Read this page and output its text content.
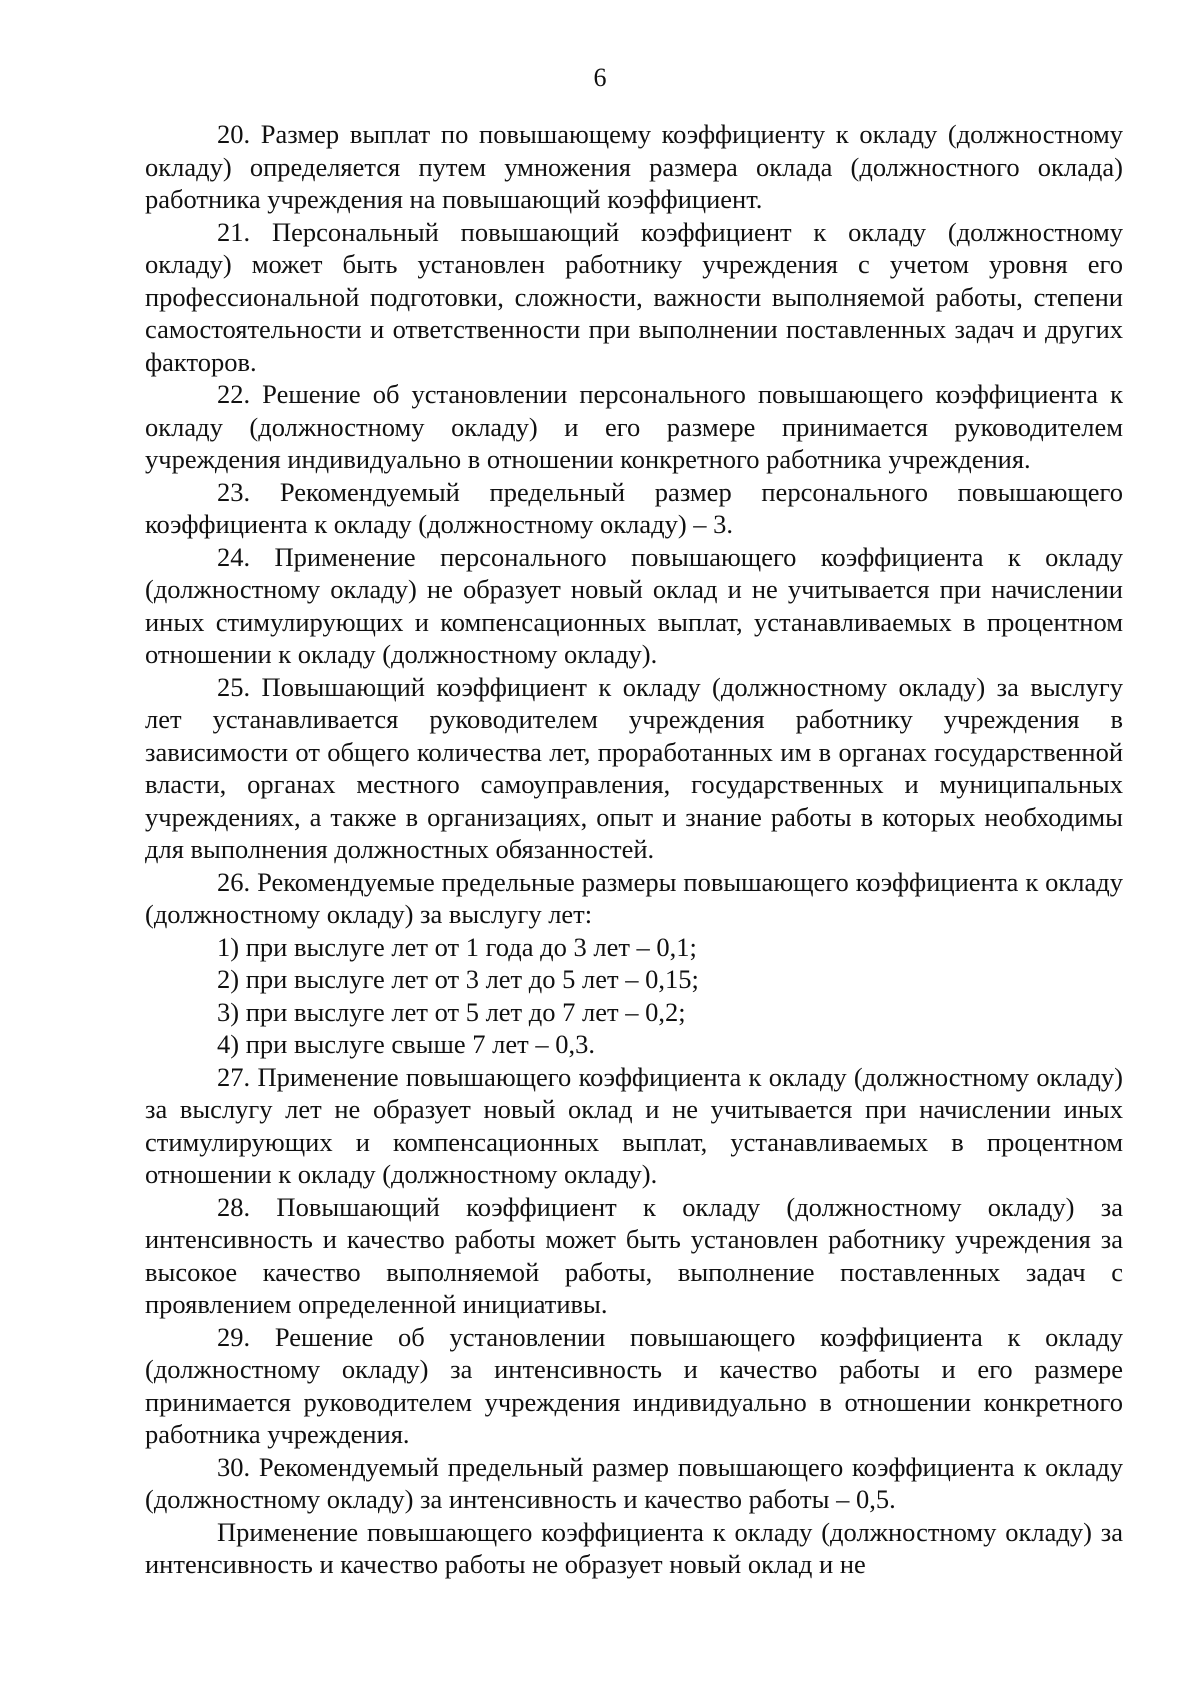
6

20. Размер выплат по повышающему коэффициенту к окладу (должностному окладу) определяется путем умножения размера оклада (должностного оклада) работника учреждения на повышающий коэффициент.

21. Персональный повышающий коэффициент к окладу (должностному окладу) может быть установлен работнику учреждения с учетом уровня его профессиональной подготовки, сложности, важности выполняемой работы, степени самостоятельности и ответственности при выполнении поставленных задач и других факторов.

22. Решение об установлении персонального повышающего коэффициента к окладу (должностному окладу) и его размере принимается руководителем учреждения индивидуально в отношении конкретного работника учреждения.

23. Рекомендуемый предельный размер персонального повышающего коэффициента к окладу (должностному окладу) – 3.

24. Применение персонального повышающего коэффициента к окладу (должностному окладу) не образует новый оклад и не учитывается при начислении иных стимулирующих и компенсационных выплат, устанавливаемых в процентном отношении к окладу (должностному окладу).

25. Повышающий коэффициент к окладу (должностному окладу) за выслугу лет устанавливается руководителем учреждения работнику учреждения в зависимости от общего количества лет, проработанных им в органах государственной власти, органах местного самоуправления, государственных и муниципальных учреждениях, а также в организациях, опыт и знание работы в которых необходимы для выполнения должностных обязанностей.

26. Рекомендуемые предельные размеры повышающего коэффициента к окладу (должностному окладу) за выслугу лет:

1) при выслуге лет от 1 года до 3 лет – 0,1;

2) при выслуге лет от 3 лет до 5 лет – 0,15;

3) при выслуге лет от 5 лет до 7 лет – 0,2;

4) при выслуге свыше 7 лет – 0,3.

27. Применение повышающего коэффициента к окладу (должностному окладу) за выслугу лет не образует новый оклад и не учитывается при начислении иных стимулирующих и компенсационных выплат, устанавливаемых в процентном отношении к окладу (должностному окладу).

28. Повышающий коэффициент к окладу (должностному окладу) за интенсивность и качество работы может быть установлен работнику учреждения за высокое качество выполняемой работы, выполнение поставленных задач с проявлением определенной инициативы.

29. Решение об установлении повышающего коэффициента к окладу (должностному окладу) за интенсивность и качество работы и его размере принимается руководителем учреждения индивидуально в отношении конкретного работника учреждения.

30. Рекомендуемый предельный размер повышающего коэффициента к окладу (должностному окладу) за интенсивность и качество работы – 0,5.

Применение повышающего коэффициента к окладу (должностному окладу) за интенсивность и качество работы не образует новый оклад и не
